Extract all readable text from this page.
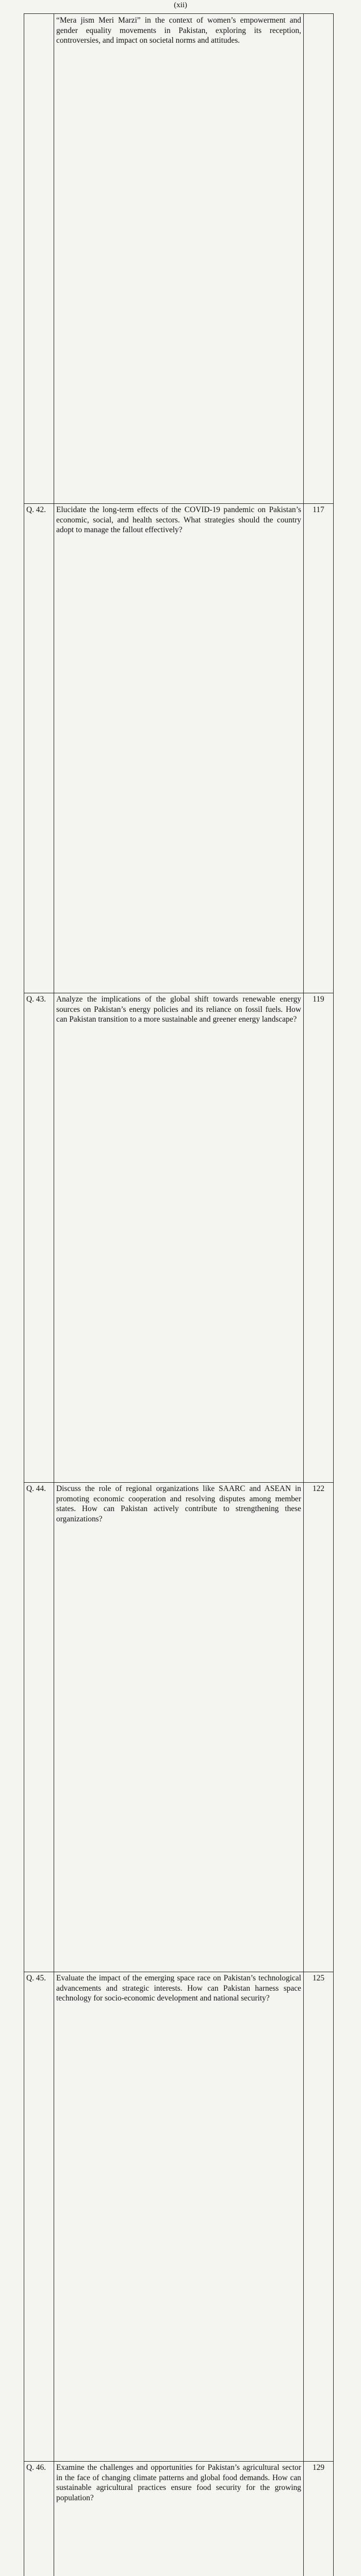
(xii)
	“Mera jism Meri Marzi” in the context of women’s empowerment and gender equality movements in Pakistan, exploring its reception, controversies, and impact on societal norms and attitudes.	
Q. 42.	Elucidate the long-term effects of the COVID-19 pandemic on Pakistan’s economic, social, and health sectors. What strategies should the country adopt to manage the fallout effectively?	117
Q. 43.	Analyze the implications of the global shift towards renewable energy sources on Pakistan’s energy policies and its reliance on fossil fuels. How can Pakistan transition to a more sustainable and greener energy landscape?	119
Q. 44.	Discuss the role of regional organizations like SAARC and ASEAN in promoting economic cooperation and resolving disputes among member states. How can Pakistan actively contribute to strengthening these organizations?	122
Q. 45.	Evaluate the impact of the emerging space race on Pakistan’s technological advancements and strategic interests. How can Pakistan harness space technology for socio-economic development and national security?	125
Q. 46.	Examine the challenges and opportunities for Pakistan’s agricultural sector in the face of changing climate patterns and global food demands. How can sustainable agricultural practices ensure food security for the growing population?	129
